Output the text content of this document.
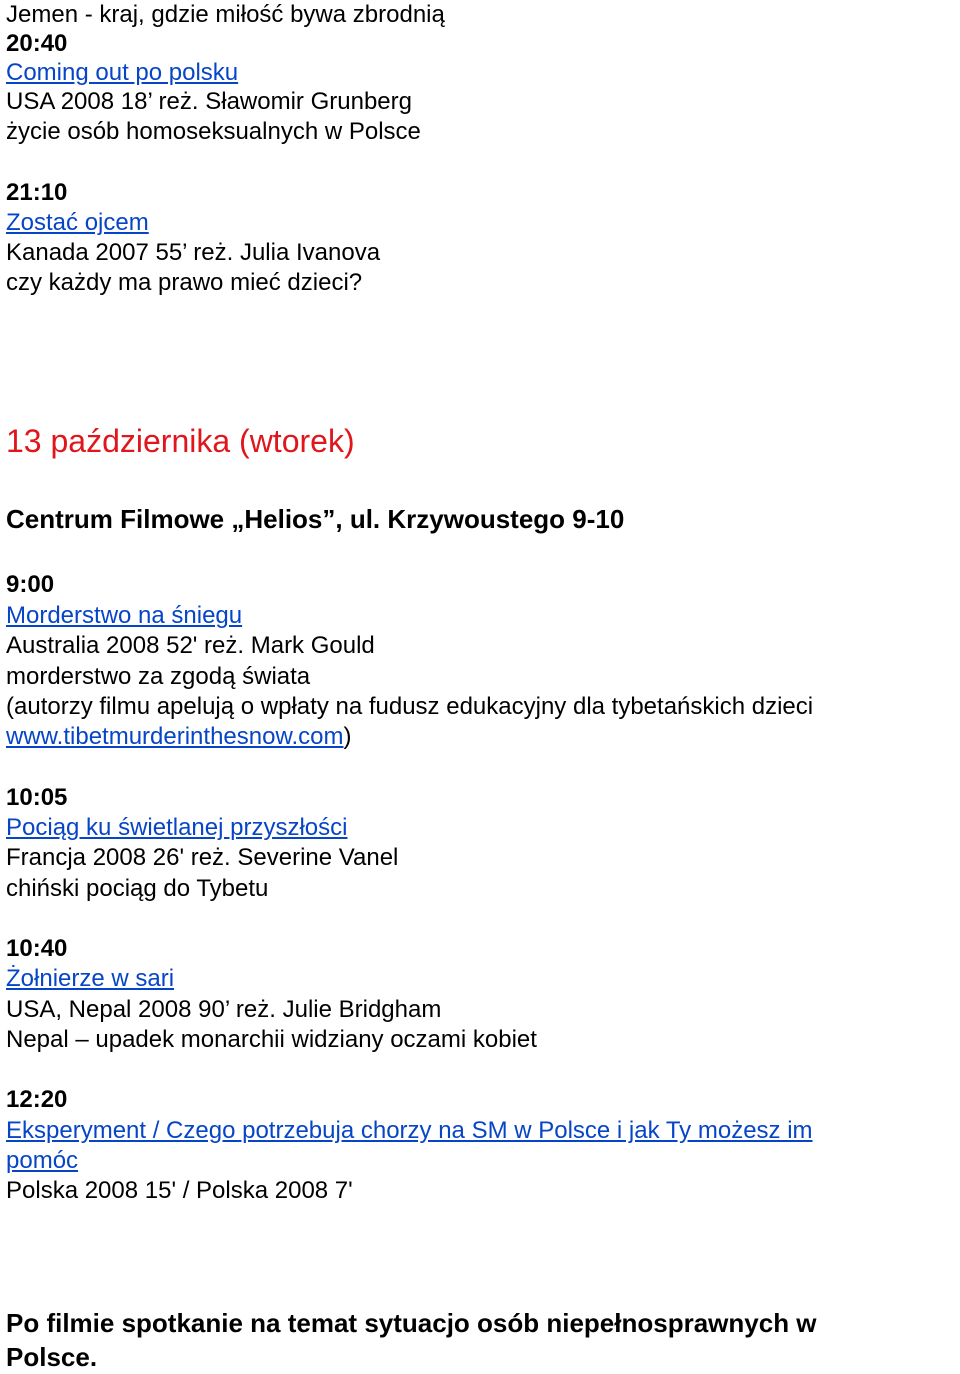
Jemen - kraj, gdzie miłość bywa zbrodnią
20:40
Coming out po polsku
USA 2008 18’ reż. Sławomir Grunberg
życie osób homoseksualnych w Polsce
21:10
Zostać ojcem
Kanada 2007 55’ reż. Julia Ivanova
czy każdy ma prawo mieć dzieci?
13 października (wtorek)
Centrum Filmowe „Helios”, ul. Krzywoustego 9-10
9:00
Morderstwo na śniegu
Australia 2008 52' reż. Mark Gould
morderstwo za zgodą świata
(autorzy filmu apelują o wpłaty na fudusz edukacyjny dla tybetańskich dzieci
www.tibetmurderinthesnow.com)
10:05
Pociąg ku świetlanej przyszłości
Francja 2008 26' reż. Severine Vanel
chiński pociąg do Tybetu
10:40
Żołnierze w sari
USA, Nepal 2008 90’ reż. Julie Bridgham
Nepal – upadek monarchii widziany oczami kobiet
12:20
Eksperyment / Czego potrzebuja chorzy na SM w Polsce i jak Ty możesz im
pomóc
Polska 2008 15' / Polska 2008 7'
Po filmie spotkanie na temat sytuacjo osób niepełnosprawnych w
Polsce.
